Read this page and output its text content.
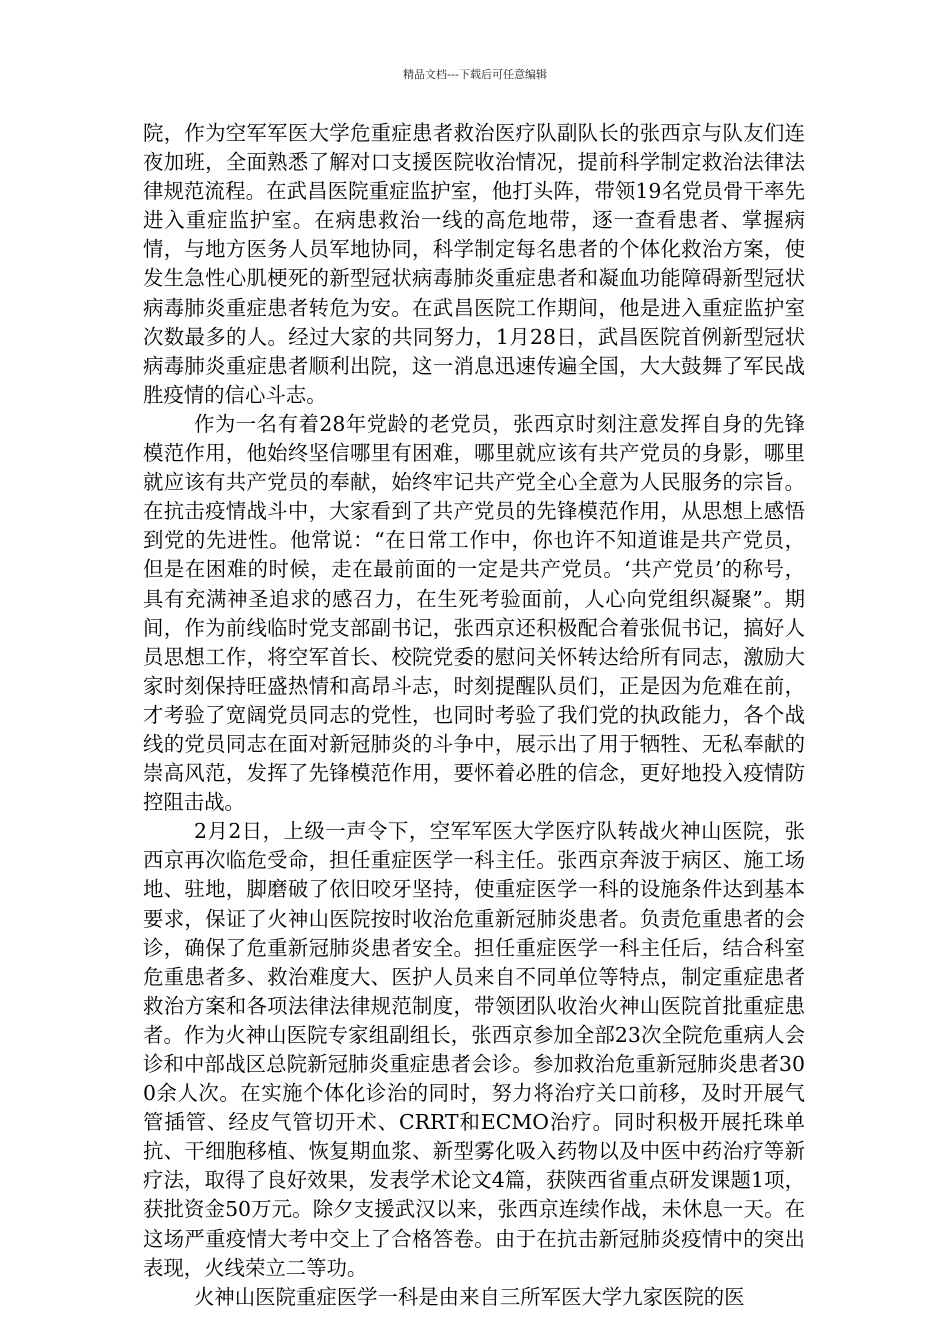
精品文档---下载后可任意编辑

院，作为空军军医大学危重症患者救治医疗队副队长的张西京与队友们连夜加班，全面熟悉了解对口支援医院收治情况，提前科学制定救治法律法律规范流程。在武昌医院重症监护室，他打头阵，带领19名党员骨干率先进入重症监护室。在病患救治一线的高危地带，逐一查看患者、掌握病情，与地方医务人员军地协同，科学制定每名患者的个体化救治方案，使发生急性心肌梗死的新型冠状病毒肺炎重症患者和凝血功能障碍新型冠状病毒肺炎重症患者转危为安。在武昌医院工作期间，他是进入重症监护室次数最多的人。经过大家的共同努力，1月28日，武昌医院首例新型冠状病毒肺炎重症患者顺利出院，这一消息迅速传遍全国，大大鼓舞了军民战胜疫情的信心斗志。

作为一名有着28年党龄的老党员，张西京时刻注意发挥自身的先锋模范作用，他始终坚信哪里有困难，哪里就应该有共产党员的身影，哪里就应该有共产党员的奉献，始终牢记共产党全心全意为人民服务的宗旨。在抗击疫情战斗中，大家看到了共产党员的先锋模范作用，从思想上感悟到党的先进性。他常说：“在日常工作中，你也许不知道谁是共产党员，但是在困难的时候，走在最前面的一定是共产党员。‘共产党员’的称号，具有充满神圣追求的感召力，在生死考验面前，人心向党组织凝聚”。期间，作为前线临时党支部副书记，张西京还积极配合着张侃书记，搞好人员思想工作，将空军首长、校院党委的慰问关怀转达给所有同志，激励大家时刻保持旺盛热情和高昂斗志，时刻提醒队员们，正是因为危难在前，才考验了宽阔党员同志的党性，也同时考验了我们党的执政能力，各个战线的党员同志在面对新冠肺炎的斗争中，展示出了用于牺牲、无私奉献的崇高风范，发挥了先锋模范作用，要怀着必胜的信念，更好地投入疫情防控阻击战。

2月2日，上级一声令下，空军军医大学医疗队转战火神山医院，张西京再次临危受命，担任重症医学一科主任。张西京奔波于病区、施工场地、驻地，脚磨破了依旧咬牙坚持，使重症医学一科的设施条件达到基本要求，保证了火神山医院按时收治危重新冠肺炎患者。负责危重患者的会诊，确保了危重新冠肺炎患者安全。担任重症医学一科主任后，结合科室危重患者多、救治难度大、医护人员来自不同单位等特点，制定重症患者救治方案和各项法律法律规范制度，带领团队收治火神山医院首批重症患者。作为火神山医院专家组副组长，张西京参加全部23次全院危重病人会诊和中部战区总院新冠肺炎重症患者会诊。参加救治危重新冠肺炎患者300余人次。在实施个体化诊治的同时，努力将治疗关口前移，及时开展气管插管、经皮气管切开术、CRRT和ECMO治疗。同时积极开展托珠单抗、干细胞移植、恢复期血浆、新型雾化吸入药物以及中医中药治疗等新疗法，取得了良好效果，发表学术论文4篇，获陕西省重点研发课题1项，获批资金50万元。除夕支援武汉以来，张西京连续作战，未休息一天。在这场严重疫情大考中交上了合格答卷。由于在抗击新冠肺炎疫情中的突出表现，火线荣立二等功。

火神山医院重症医学一科是由来自三所军医大学九家医院的医
